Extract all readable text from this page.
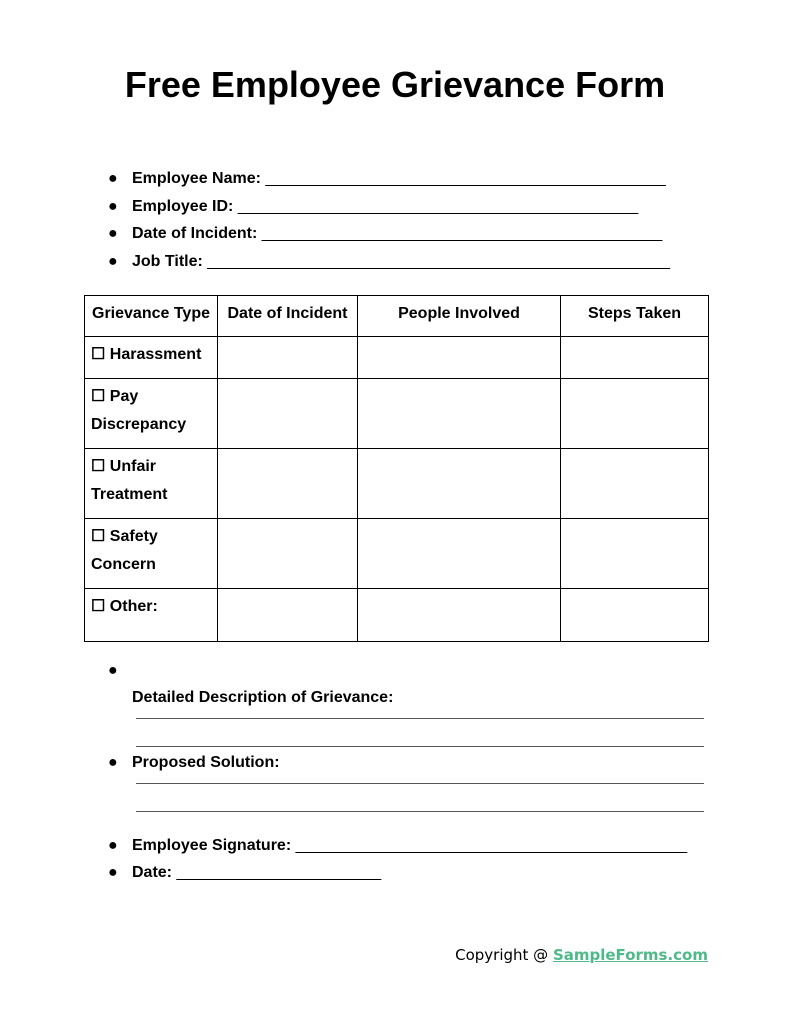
Free Employee Grievance Form
● Employee Name: _____________________________________________
● Employee ID: _____________________________________________
● Date of Incident: _____________________________________________
● Job Title: ____________________________________________________
Grievance Type	Date of Incident	People Involved	Steps Taken
☐ Harassment			
☐ Pay Discrepancy			
☐ Unfair Treatment			
☐ Safety Concern			
☐ Other:			
●
Detailed Description of Grievance:
● Proposed Solution:
● Employee Signature: ____________________________________________
● Date: _______________________
Copyright @ SampleForms.com
